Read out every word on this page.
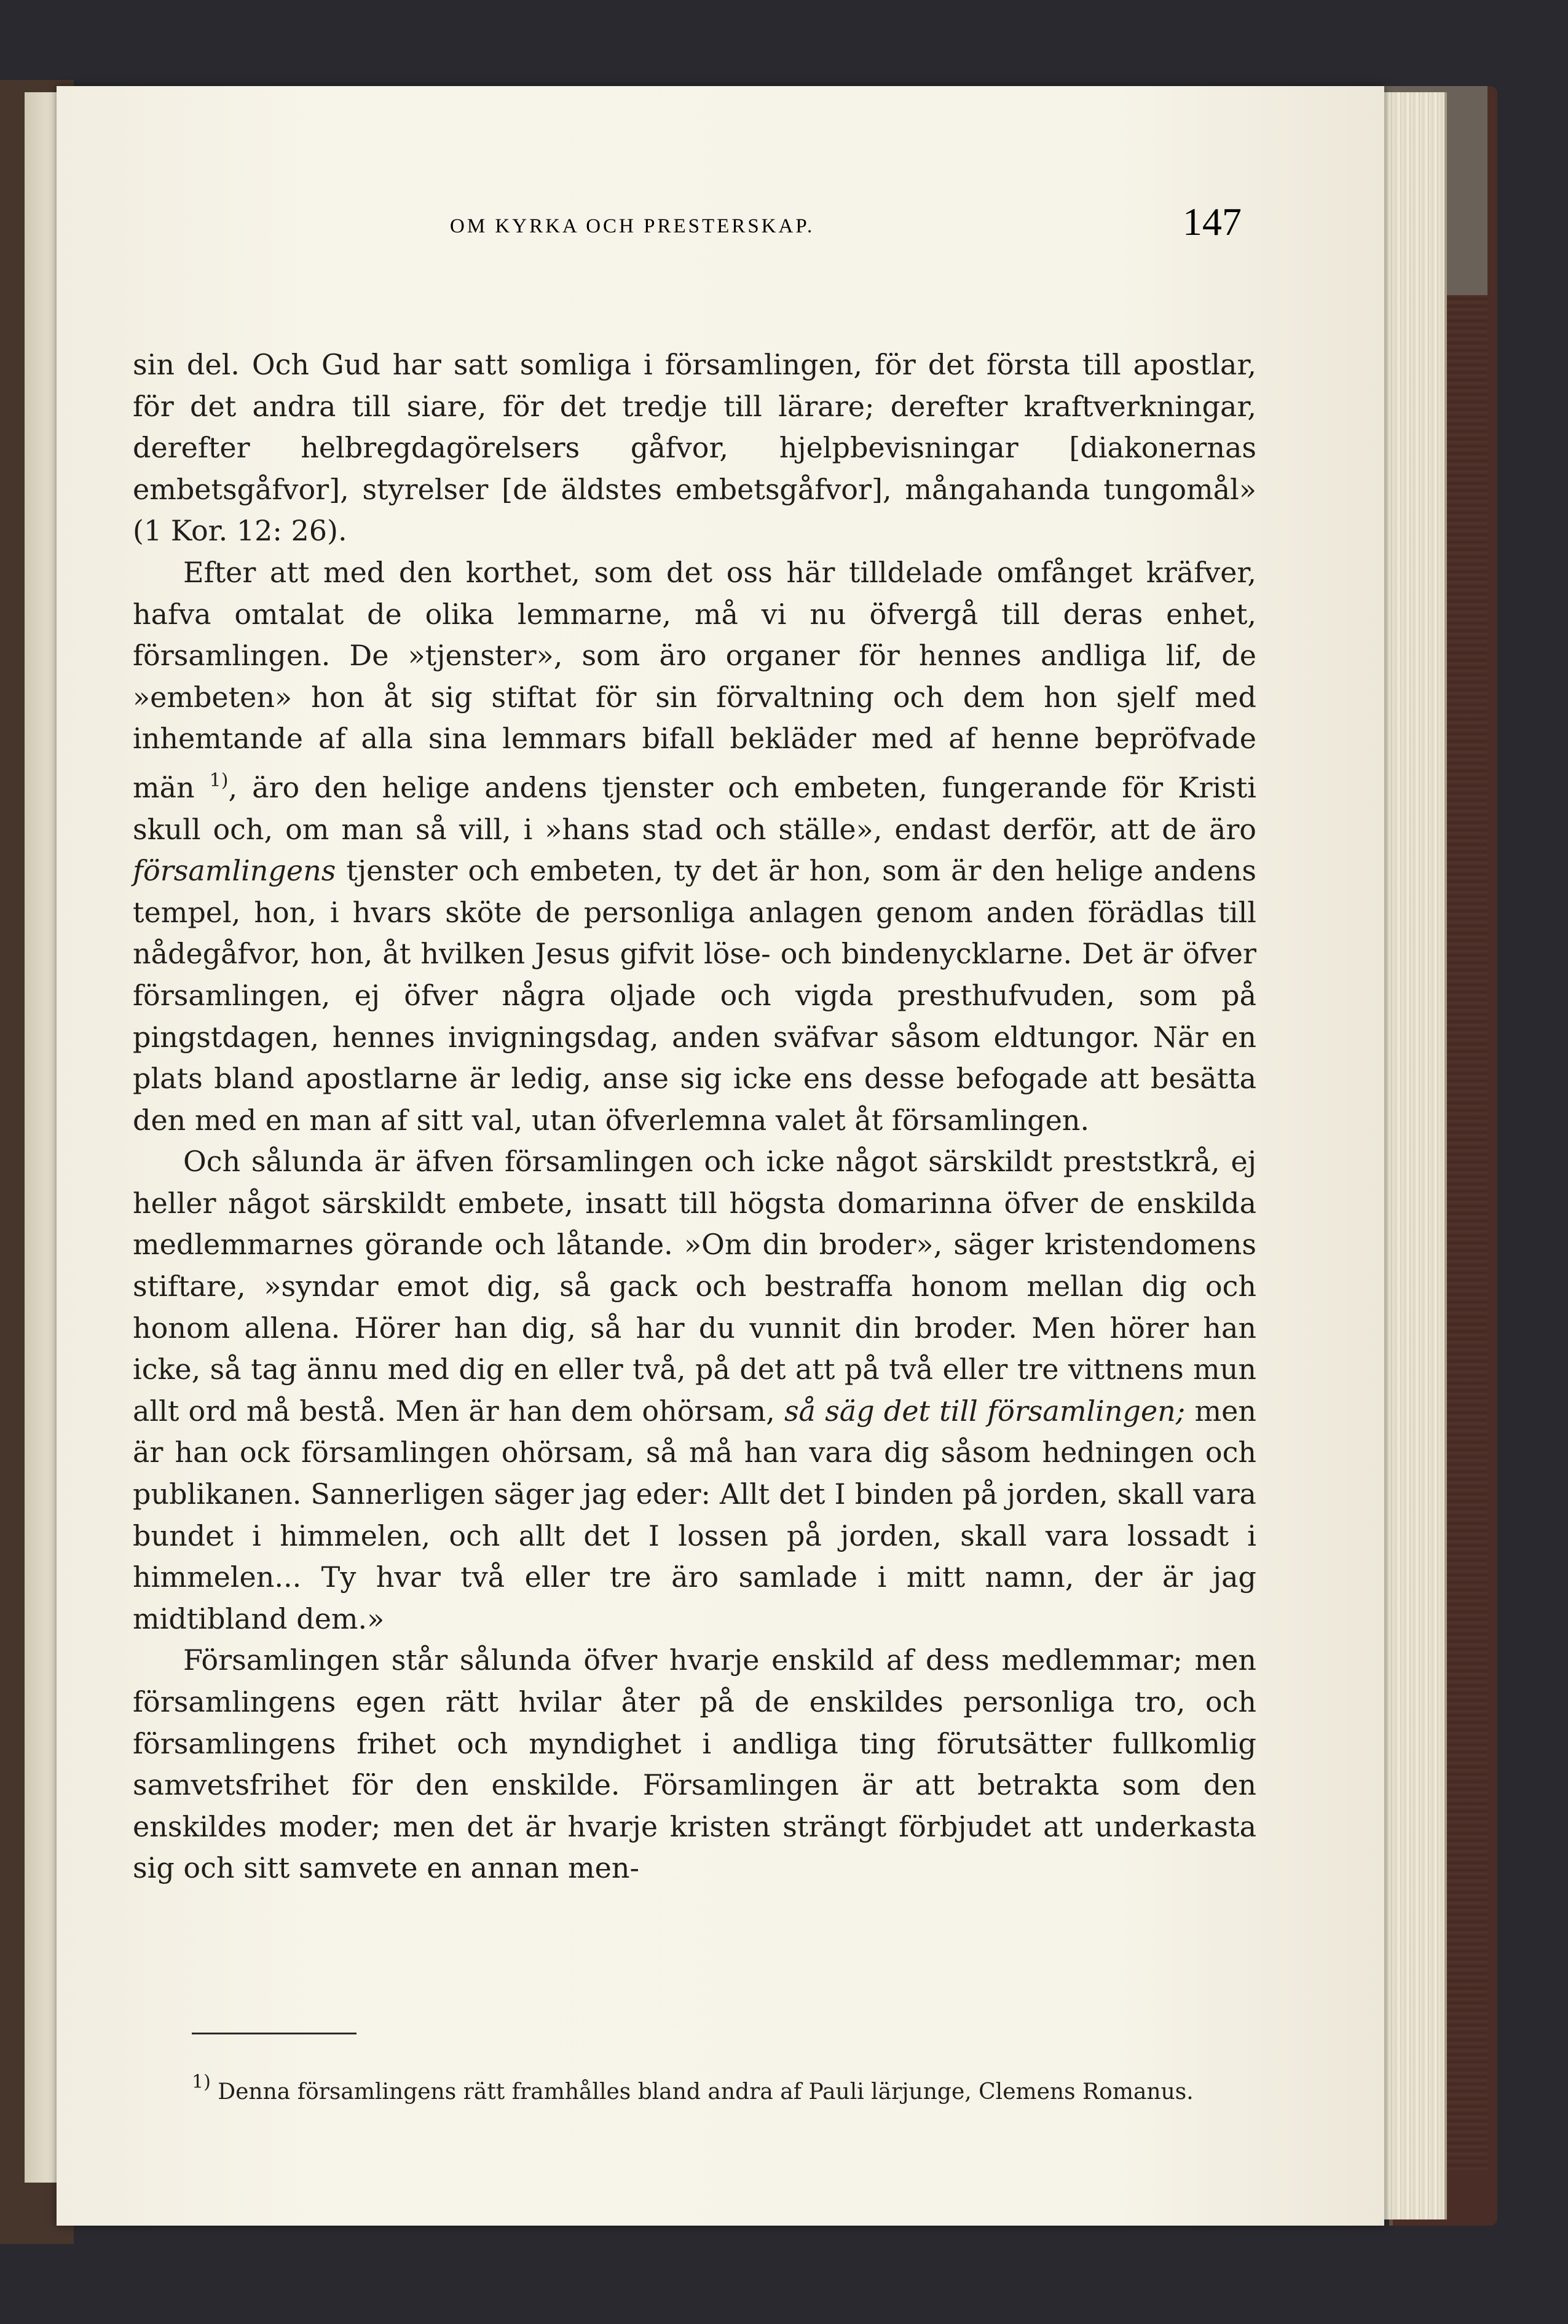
OM KYRKA OCH PRESTERSKAP.	147

sin del. Och Gud har satt somliga i församlingen, för det första till apostlar, för det andra till siare, för det tredje till lärare; derefter kraftverkningar, derefter helbregdagörelsers gåfvor, hjelpbevisningar [diakonernas embetsgåfvor], styrelser [de äldstes embetsgåfvor], mångahanda tungomål» (1 Kor. 12: 26).

Efter att med den korthet, som det oss här tilldelade omfånget kräfver, hafva omtalat de olika lemmarne, må vi nu öfvergå till deras enhet, församlingen. De »tjenster», som äro organer för hennes andliga lif, de »embeten» hon åt sig stiftat för sin förvaltning och dem hon sjelf med inhemtande af alla sina lemmars bifall bekläder med af henne bepröfvade män $^{1)}$, äro den helige andens tjenster och embeten, fungerande för Kristi skull och, om man så vill, i »hans stad och ställe», endast derför, att de äro församlingens tjenster och embeten, ty det är hon, som är den helige andens tempel, hon, i hvars sköte de personliga anlagen genom anden förädlas till nådegåfvor, hon, åt hvilken Jesus gifvit löse- och bindenycklarne. Det är öfver församlingen, ej öfver några oljade och vigda presthufvuden, som på pingstdagen, hennes invigningsdag, anden sväfvar såsom eldtungor. När en plats bland apostlarne är ledig, anse sig icke ens desse befogade att besätta den med en man af sitt val, utan öfverlemna valet åt församlingen.

Och sålunda är äfven församlingen och icke något särskildt preststkrå, ej heller något särskildt embete, insatt till högsta domarinna öfver de enskilda medlemmarnes görande och låtande. »Om din broder», säger kristendomens stiftare, »syndar emot dig, så gack och bestraffa honom mellan dig och honom allena. Hörer han dig, så har du vunnit din broder. Men hörer han icke, så tag ännu med dig en eller två, på det att på två eller tre vittnens mun allt ord må bestå. Men är han dem ohörsam, så säg det till församlingen; men är han ock församlingen ohörsam, så må han vara dig såsom hedningen och publikanen. Sannerligen säger jag eder: Allt det I binden på jorden, skall vara bundet i himmelen, och allt det I lossen på jorden, skall vara lossadt i himmelen... Ty hvar två eller tre äro samlade i mitt namn, der är jag midtibland dem.»

Församlingen står sålunda öfver hvarje enskild af dess medlemmar; men församlingens egen rätt hvilar åter på de enskildes personliga tro, och församlingens frihet och myndighet i andliga ting förutsätter fullkomlig samvetsfrihet för den enskilde. Församlingen är att betrakta som den enskildes moder; men det är hvarje kristen strängt förbjudet att underkasta sig och sitt samvete en annan men-

$^{1)}$ Denna församlingens rätt framhålles bland andra af Pauli lärjunge, Clemens Romanus.
